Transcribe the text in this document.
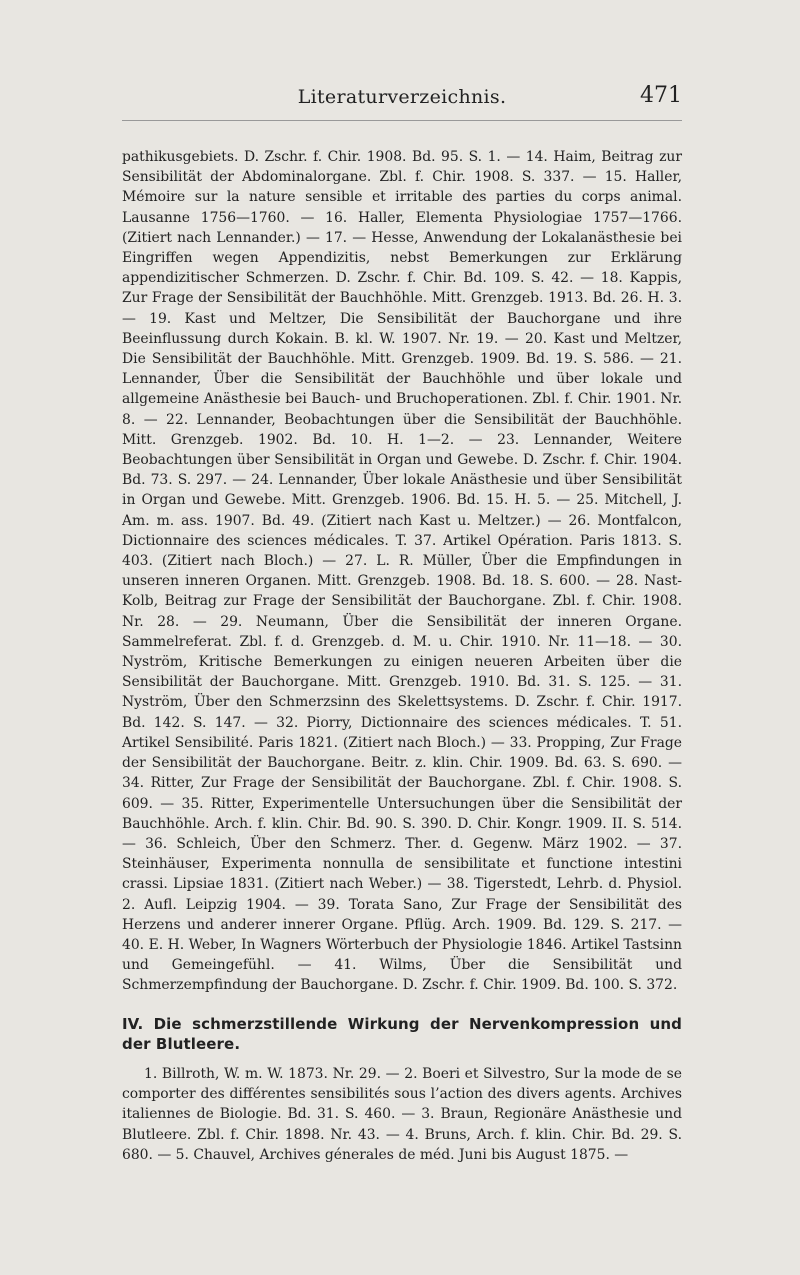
Literaturverzeichnis.	471

pathikusgebiets. D. Zschr. f. Chir. 1908. Bd. 95. S. 1. — 14. Haim, Beitrag zur Sensibilität der Abdominalorgane. Zbl. f. Chir. 1908. S. 337. — 15. Haller, Mémoire sur la nature sensible et irritable des parties du corps animal. Lausanne 1756—1760. — 16. Haller, Elementa Physiologiae 1757—1766. (Zitiert nach Lennander.) — 17. — Hesse, Anwendung der Lokalanästhesie bei Eingriffen wegen Appendizitis, nebst Bemerkungen zur Erklärung appendizitischer Schmerzen. D. Zschr. f. Chir. Bd. 109. S. 42. — 18. Kappis, Zur Frage der Sensibilität der Bauchhöhle. Mitt. Grenzgeb. 1913. Bd. 26. H. 3. — 19. Kast und Meltzer, Die Sensibilität der Bauchorgane und ihre Beeinflussung durch Kokain. B. kl. W. 1907. Nr. 19. — 20. Kast und Meltzer, Die Sensibilität der Bauchhöhle. Mitt. Grenzgeb. 1909. Bd. 19. S. 586. — 21. Lennander, Über die Sensibilität der Bauchhöhle und über lokale und allgemeine Anästhesie bei Bauch- und Bruchoperationen. Zbl. f. Chir. 1901. Nr. 8. — 22. Lennander, Beobachtungen über die Sensibilität der Bauchhöhle. Mitt. Grenzgeb. 1902. Bd. 10. H. 1—2. — 23. Lennander, Weitere Beobachtungen über Sensibilität in Organ und Gewebe. D. Zschr. f. Chir. 1904. Bd. 73. S. 297. — 24. Lennander, Über lokale Anästhesie und über Sensibilität in Organ und Gewebe. Mitt. Grenzgeb. 1906. Bd. 15. H. 5. — 25. Mitchell, J. Am. m. ass. 1907. Bd. 49. (Zitiert nach Kast u. Meltzer.) — 26. Montfalcon, Dictionnaire des sciences médicales. T. 37. Artikel Opération. Paris 1813. S. 403. (Zitiert nach Bloch.) — 27. L. R. Müller, Über die Empfindungen in unseren inneren Organen. Mitt. Grenzgeb. 1908. Bd. 18. S. 600. — 28. Nast-Kolb, Beitrag zur Frage der Sensibilität der Bauchorgane. Zbl. f. Chir. 1908. Nr. 28. — 29. Neumann, Über die Sensibilität der inneren Organe. Sammelreferat. Zbl. f. d. Grenzgeb. d. M. u. Chir. 1910. Nr. 11—18. — 30. Nyström, Kritische Bemerkungen zu einigen neueren Arbeiten über die Sensibilität der Bauchorgane. Mitt. Grenzgeb. 1910. Bd. 31. S. 125. — 31. Nyström, Über den Schmerzsinn des Skelettsystems. D. Zschr. f. Chir. 1917. Bd. 142. S. 147. — 32. Piorry, Dictionnaire des sciences médicales. T. 51. Artikel Sensibilité. Paris 1821. (Zitiert nach Bloch.) — 33. Propping, Zur Frage der Sensibilität der Bauchorgane. Beitr. z. klin. Chir. 1909. Bd. 63. S. 690. — 34. Ritter, Zur Frage der Sensibilität der Bauchorgane. Zbl. f. Chir. 1908. S. 609. — 35. Ritter, Experimentelle Untersuchungen über die Sensibilität der Bauchhöhle. Arch. f. klin. Chir. Bd. 90. S. 390. D. Chir. Kongr. 1909. II. S. 514. — 36. Schleich, Über den Schmerz. Ther. d. Gegenw. März 1902. — 37. Steinhäuser, Experimenta nonnulla de sensibilitate et functione intestini crassi. Lipsiae 1831. (Zitiert nach Weber.) — 38. Tigerstedt, Lehrb. d. Physiol. 2. Aufl. Leipzig 1904. — 39. Torata Sano, Zur Frage der Sensibilität des Herzens und anderer innerer Organe. Pflüg. Arch. 1909. Bd. 129. S. 217. — 40. E. H. Weber, In Wagners Wörterbuch der Physiologie 1846. Artikel Tastsinn und Gemeingefühl. — 41. Wilms, Über die Sensibilität und Schmerzempfindung der Bauchorgane. D. Zschr. f. Chir. 1909. Bd. 100. S. 372.

IV. Die schmerzstillende Wirkung der Nervenkompression und der Blutleere.

1. Billroth, W. m. W. 1873. Nr. 29. — 2. Boeri et Silvestro, Sur la mode de se comporter des différentes sensibilités sous l’action des divers agents. Archives italiennes de Biologie. Bd. 31. S. 460. — 3. Braun, Regionäre Anästhesie und Blutleere. Zbl. f. Chir. 1898. Nr. 43. — 4. Bruns, Arch. f. klin. Chir. Bd. 29. S. 680. — 5. Chauvel, Archives génerales de méd. Juni bis August 1875. —
